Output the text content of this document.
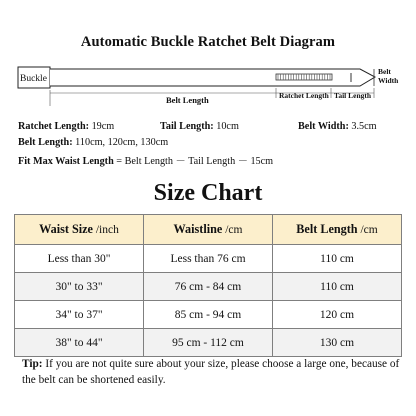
Automatic Buckle Ratchet Belt Diagram
Buckle
Belt
Width
Ratchet Length Tail Length
Belt Length
Ratchet Length: 19cm	Tail Length: 10cm	Belt Width: 3.5cm
Belt Length: 110cm, 120cm, 130cm
Fit Max Waist Length = Belt Length － Tail Length － 15cm
Size Chart
Waist Size /inch	Waistline /cm	Belt Length /cm
Less than 30"	Less than 76 cm	110 cm
30" to 33"	76 cm - 84 cm	110 cm
34" to 37"	85 cm - 94 cm	120 cm
38" to 44"	95 cm - 112 cm	130 cm
Tip: If you are not quite sure about your size, please choose a large one, because of the belt can be shortened easily.
